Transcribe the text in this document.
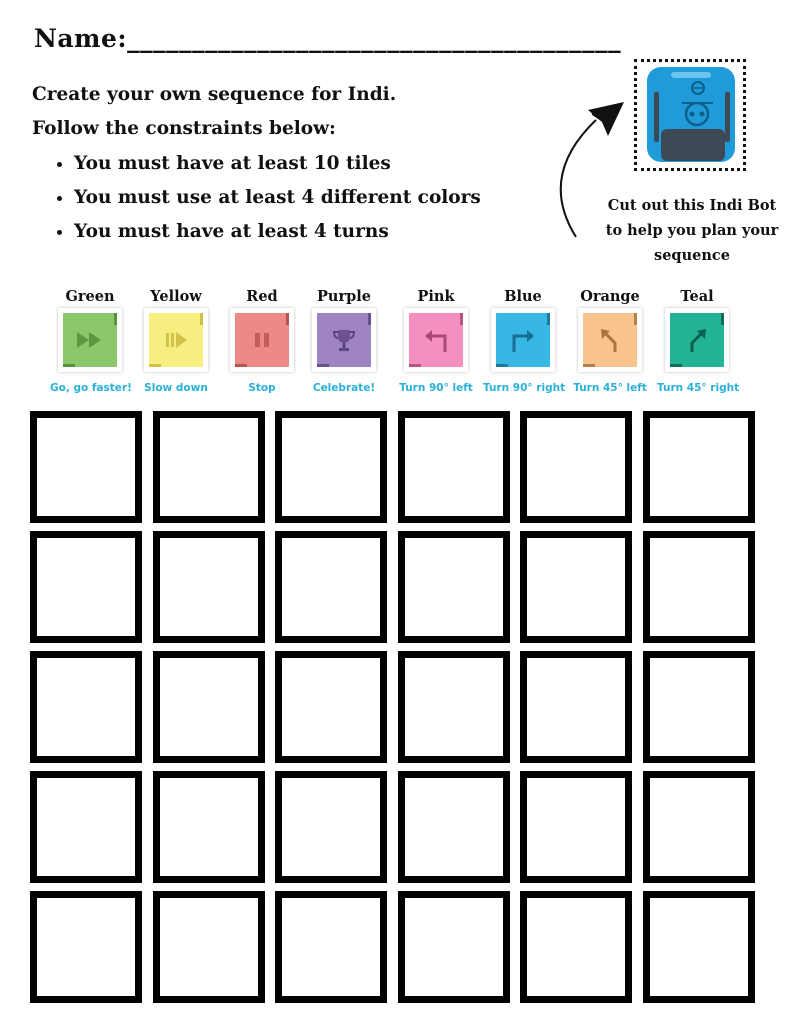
Name:______________________________________
Create your own sequence for Indi.
Follow the constraints below:
• You must have at least 10 tiles
• You must use at least 4 different colors
• You must have at least 4 turns
Cut out this Indi Bot
to help you plan your
sequence
Green
Go, go faster!
Yellow
Slow down
Red
Stop
Purple
Celebrate!
Pink
Turn 90° left
Blue
Turn 90° right
Orange
Turn 45° left
Teal
Turn 45° right
